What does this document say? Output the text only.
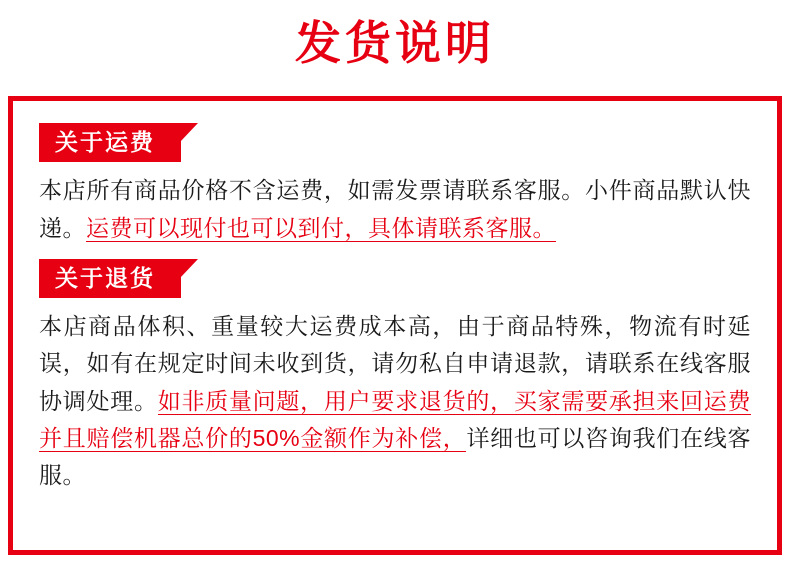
发货说明
关于运费
本店所有商品价格不含运费，如需发票请联系客服。小件商品默认快递。运费可以现付也可以到付，具体请联系客服。
关于退货
本店商品体积、重量较大运费成本高，由于商品特殊，物流有时延误，如有在规定时间未收到货，请勿私自申请退款，请联系在线客服协调处理。如非质量问题，用户要求退货的，买家需要承担来回运费并且赔偿机器总价的50%金额作为补偿，详细也可以咨询我们在线客服。
